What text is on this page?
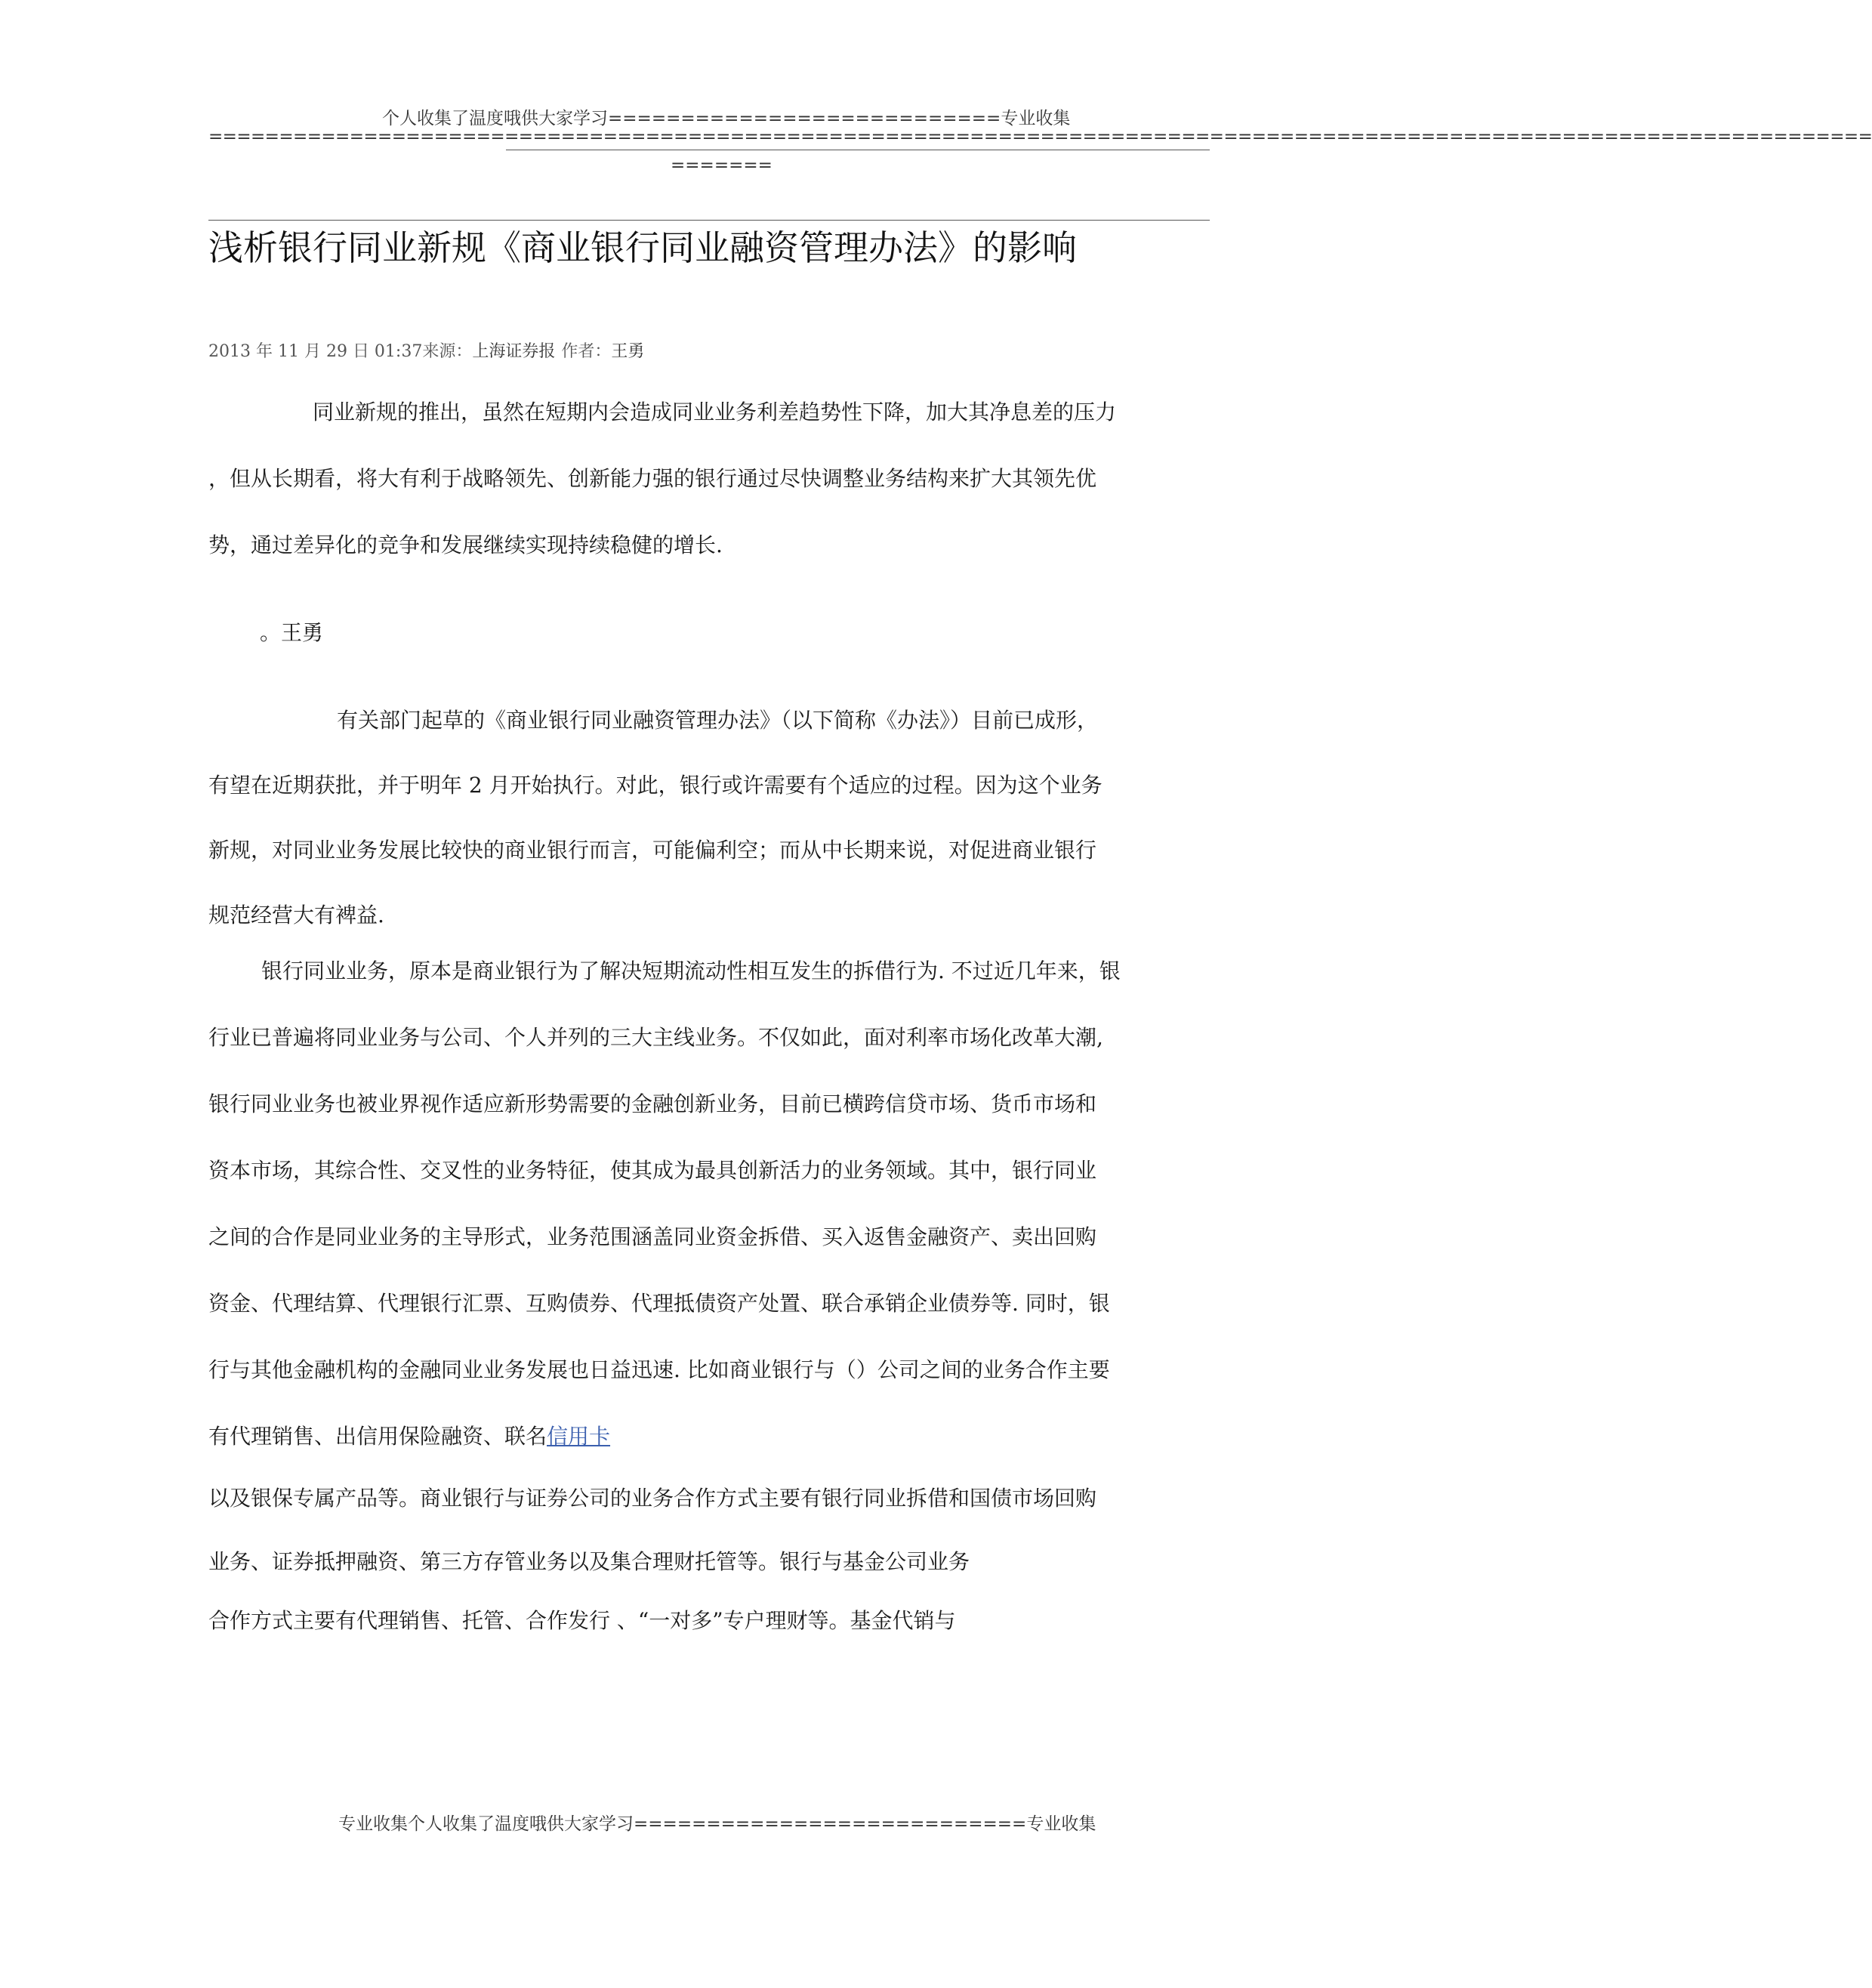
个人收集了温度哦供大家学习===========================专业收集
======================================================================================================================
=======
浅析银行同业新规《商业银行同业融资管理办法》的影响
2013 年 11 月 29 日 01:37来源：上海证券报 作者：王勇
同业新规的推出，虽然在短期内会造成同业业务利差趋势性下降，加大其净息差的压力
，但从长期看，将大有利于战略领先、创新能力强的银行通过尽快调整业务结构来扩大其领先优
势，通过差异化的竞争和发展继续实现持续稳健的增长.
。王勇
有关部门起草的《商业银行同业融资管理办法》（以下简称《办法》）目前已成形，
有望在近期获批，并于明年 2 月开始执行。对此，银行或许需要有个适应的过程。因为这个业务
新规，对同业业务发展比较快的商业银行而言，可能偏利空；而从中长期来说，对促进商业银行
规范经营大有裨益.
银行同业业务，原本是商业银行为了解决短期流动性相互发生的拆借行为. 不过近几年来，银
行业已普遍将同业业务与公司、个人并列的三大主线业务。不仅如此，面对利率市场化改革大潮,
银行同业业务也被业界视作适应新形势需要的金融创新业务，目前已横跨信贷市场、货币市场和
资本市场，其综合性、交叉性的业务特征，使其成为最具创新活力的业务领域。其中，银行同业
之间的合作是同业业务的主导形式，业务范围涵盖同业资金拆借、买入返售金融资产、卖出回购
资金、代理结算、代理银行汇票、互购债券、代理抵债资产处置、联合承销企业债券等. 同时，银
行与其他金融机构的金融同业业务发展也日益迅速. 比如商业银行与（）公司之间的业务合作主要
有代理销售、出信用保险融资、联名信用卡
以及银保专属产品等。商业银行与证券公司的业务合作方式主要有银行同业拆借和国债市场回购
业务、证券抵押融资、第三方存管业务以及集合理财托管等。银行与基金公司业务
合作方式主要有代理销售、托管、合作发行 、“一对多”专户理财等。基金代销与
专业收集个人收集了温度哦供大家学习===========================专业收集
